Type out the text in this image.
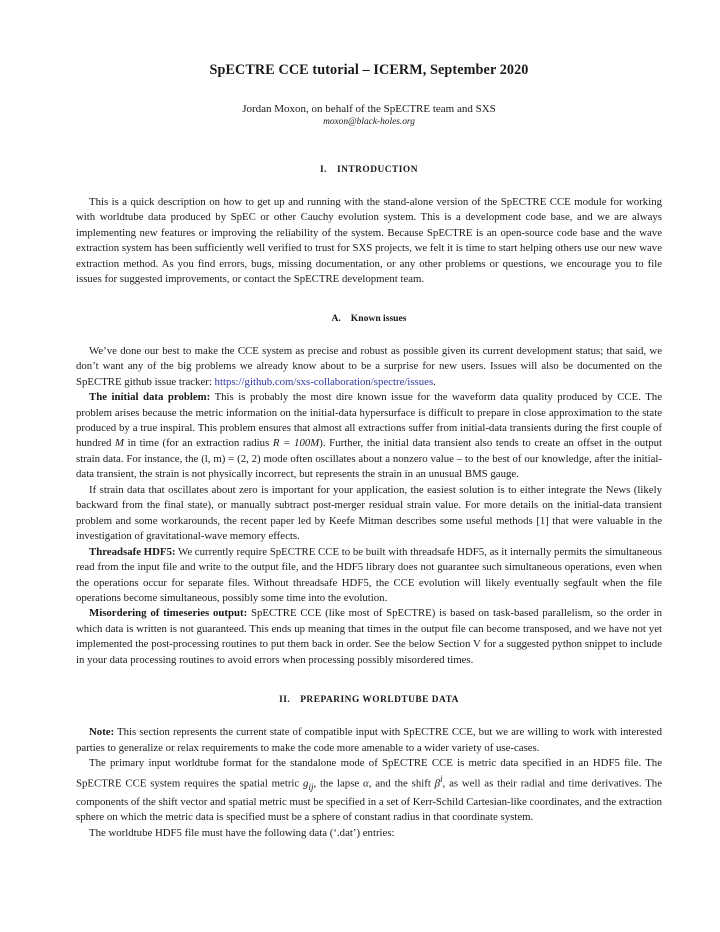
SpECTRE CCE tutorial – ICERM, September 2020
Jordan Moxon, on behalf of the SpECTRE team and SXS
moxon@black-holes.org
I. INTRODUCTION

This is a quick description on how to get up and running with the stand-alone version of the SpECTRE CCE module for working with worldtube data produced by SpEC or other Cauchy evolution system. This is a development code base, and we are always implementing new features or improving the reliability of the system. Because SpECTRE is an open-source code base and the wave extraction system has been sufficiently well verified to trust for SXS projects, we felt it is time to start helping others use our new wave extraction method. As you find errors, bugs, missing documentation, or any other problems or questions, we encourage you to file issues for suggested improvements, or contact the SpECTRE development team.

A. Known issues

We’ve done our best to make the CCE system as precise and robust as possible given its current development status; that said, we don’t want any of the big problems we already know about to be a surprise for new users. Issues will also be documented on the SpECTRE github issue tracker: https://github.com/sxs-collaboration/spectre/issues.

The initial data problem: This is probably the most dire known issue for the waveform data quality produced by CCE. The problem arises because the metric information on the initial-data hypersurface is difficult to prepare in close approximation to the state produced by a true inspiral. This problem ensures that almost all extractions suffer from initial-data transients during the first couple of hundred M in time (for an extraction radius R = 100M). Further, the initial data transient also tends to create an offset in the output strain data. For instance, the (l, m) = (2, 2) mode often oscillates about a nonzero value – to the best of our knowledge, after the initial-data transient, the strain is not physically incorrect, but represents the strain in an unusual BMS gauge.

If strain data that oscillates about zero is important for your application, the easiest solution is to either integrate the News (likely backward from the final state), or manually subtract post-merger residual strain value. For more details on the initial-data transient problem and some workarounds, the recent paper led by Keefe Mitman describes some useful methods [1] that were valuable in the investigation of gravitational-wave memory effects.

Threadsafe HDF5: We currently require SpECTRE CCE to be built with threadsafe HDF5, as it internally permits the simultaneous read from the input file and write to the output file, and the HDF5 library does not guarantee such simultaneous operations, even when the operations occur for separate files. Without threadsafe HDF5, the CCE evolution will likely eventually segfault when the file operations become simultaneous, possibly some time into the evolution.

Misordering of timeseries output: SpECTRE CCE (like most of SpECTRE) is based on task-based parallelism, so the order in which data is written is not guaranteed. This ends up meaning that times in the output file can become transposed, and we have not yet implemented the post-processing routines to put them back in order. See the below Section V for a suggested python snippet to include in your data processing routines to avoid errors when processing possibly misordered times.

II. PREPARING WORLDTUBE DATA

Note: This section represents the current state of compatible input with SpECTRE CCE, but we are willing to work with interested parties to generalize or relax requirements to make the code more amenable to a wider variety of use-cases.

The primary input worldtube format for the standalone mode of SpECTRE CCE is metric data specified in an HDF5 file. The SpECTRE CCE system requires the spatial metric $g_{ij}$, the lapse α, and the shift $\beta^i$, as well as their radial and time derivatives. The components of the shift vector and spatial metric must be specified in a set of Kerr-Schild Cartesian-like coordinates, and the extraction sphere on which the metric data is specified must be a sphere of constant radius in that coordinate system.

The worldtube HDF5 file must have the following data (‘.dat’) entries:
